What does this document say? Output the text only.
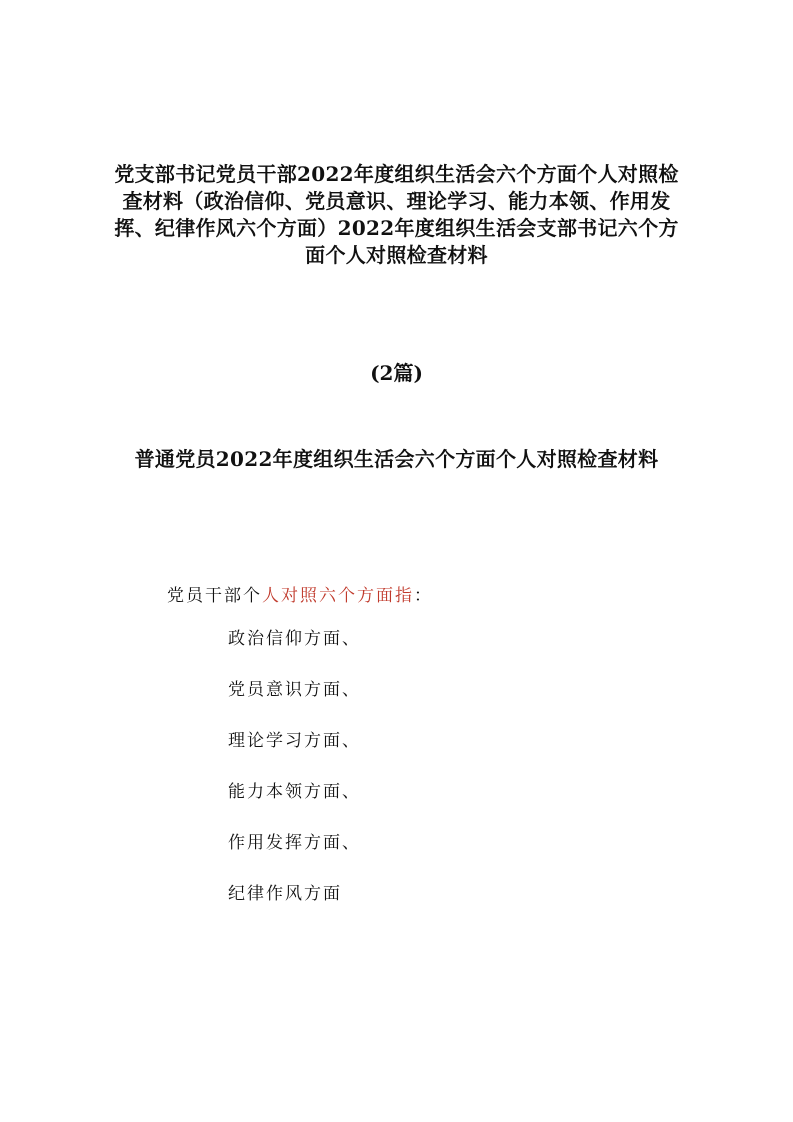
党支部书记党员干部2022年度组织生活会六个方面个人对照检查材料（政治信仰、党员意识、理论学习、能力本领、作用发挥、纪律作风六个方面）2022年度组织生活会支部书记六个方面个人对照检查材料

(2篇)

普通党员2022年度组织生活会六个方面个人对照检查材料

党员干部个人对照六个方面指：

政治信仰方面、
党员意识方面、
理论学习方面、
能力本领方面、
作用发挥方面、
纪律作风方面
